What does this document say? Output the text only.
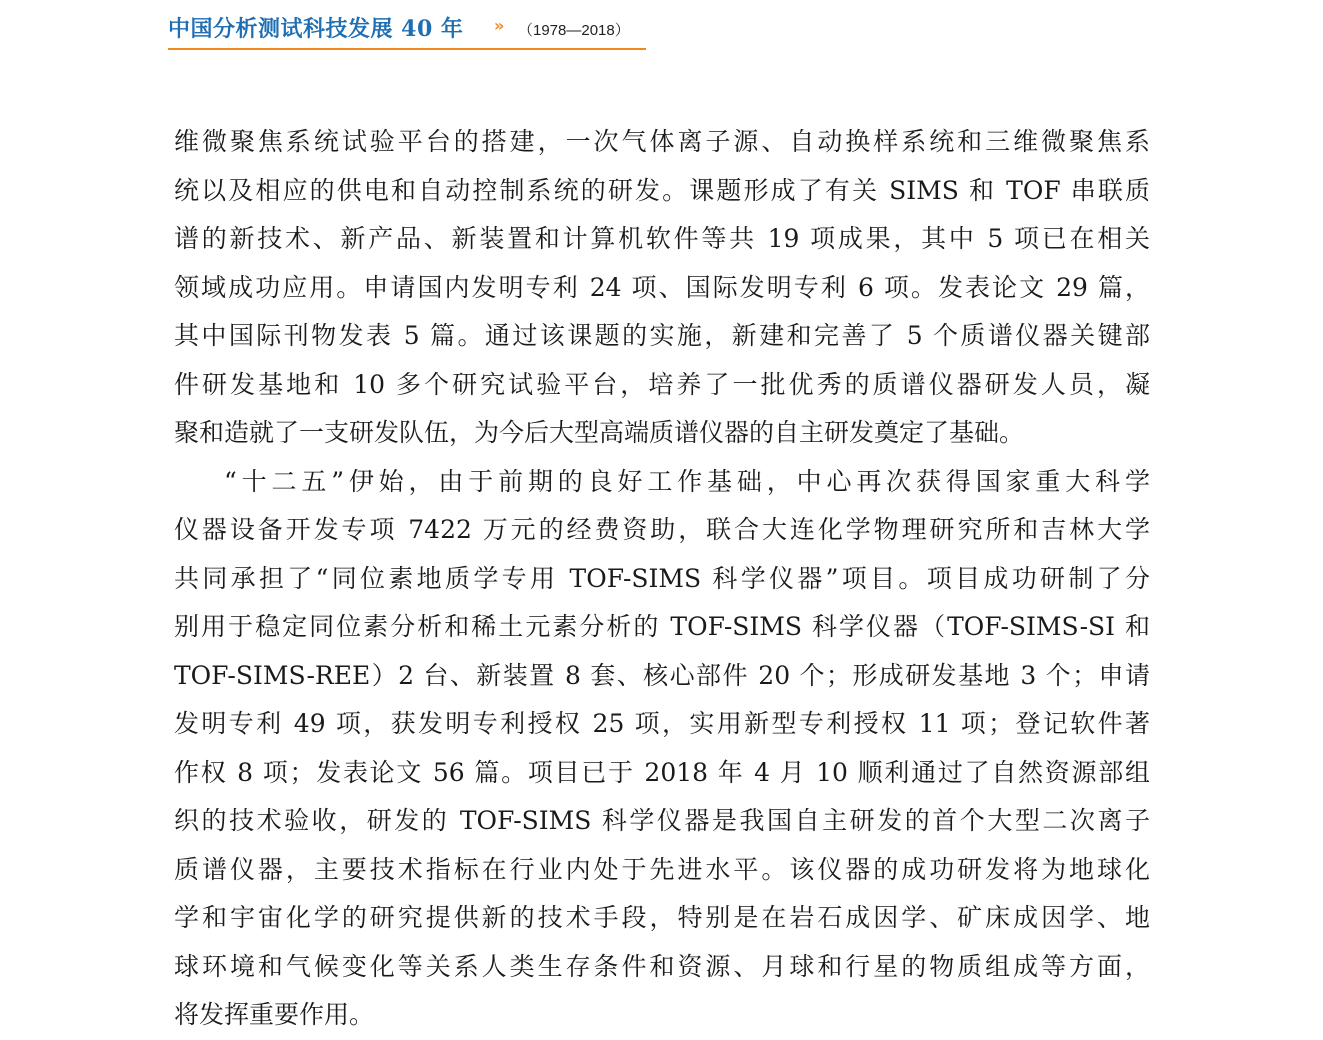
中国分析测试科技发展 40 年 » （1978—2018）
维微聚焦系统试验平台的搭建，一次气体离子源、自动换样系统和三维微聚焦系
统以及相应的供电和自动控制系统的研发。课题形成了有关 SIMS 和 TOF 串联质
谱的新技术、新产品、新装置和计算机软件等共 19 项成果，其中 5 项已在相关
领域成功应用。申请国内发明专利 24 项、国际发明专利 6 项。发表论文 29 篇，
其中国际刊物发表 5 篇。通过该课题的实施，新建和完善了 5 个质谱仪器关键部
件研发基地和 10 多个研究试验平台，培养了一批优秀的质谱仪器研发人员，凝
聚和造就了一支研发队伍，为今后大型高端质谱仪器的自主研发奠定了基础。
“十二五”伊始，由于前期的良好工作基础，中心再次获得国家重大科学
仪器设备开发专项 7422 万元的经费资助，联合大连化学物理研究所和吉林大学
共同承担了“同位素地质学专用 TOF-SIMS 科学仪器”项目。项目成功研制了分
别用于稳定同位素分析和稀土元素分析的 TOF-SIMS 科学仪器（TOF-SIMS-SI 和
TOF-SIMS-REE）2 台、新装置 8 套、核心部件 20 个；形成研发基地 3 个；申请
发明专利 49 项，获发明专利授权 25 项，实用新型专利授权 11 项；登记软件著
作权 8 项；发表论文 56 篇。项目已于 2018 年 4 月 10 顺利通过了自然资源部组
织的技术验收，研发的 TOF-SIMS 科学仪器是我国自主研发的首个大型二次离子
质谱仪器，主要技术指标在行业内处于先进水平。该仪器的成功研发将为地球化
学和宇宙化学的研究提供新的技术手段，特别是在岩石成因学、矿床成因学、地
球环境和气候变化等关系人类生存条件和资源、月球和行星的物质组成等方面，
将发挥重要作用。
